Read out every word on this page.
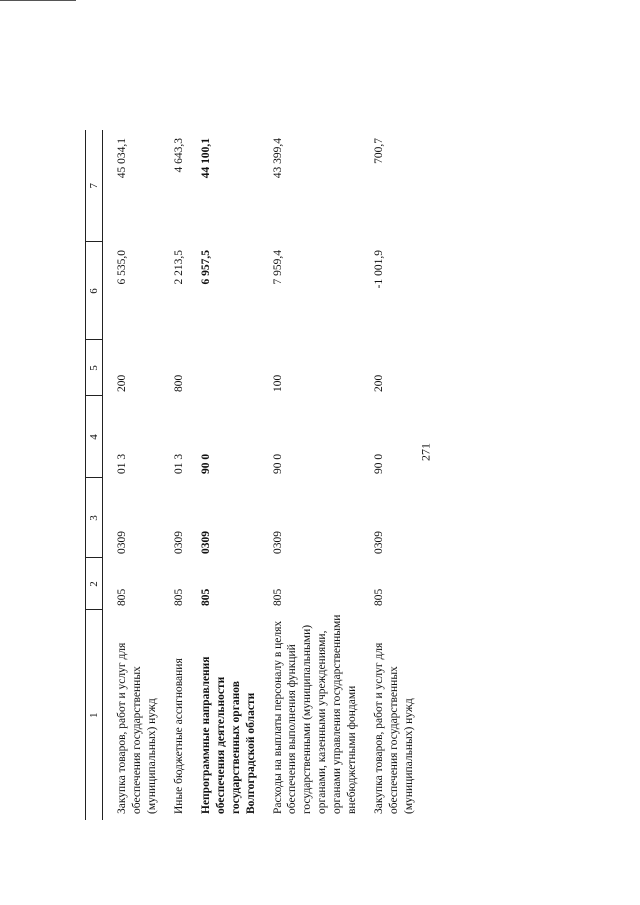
271
1	2	3	4	5	6	7

Закупка товаров, работ и услуг для обеспечения государственных (муниципальных) нужд	805	0309	01 3	200	6 535,0	45 034,1

Иные бюджетные ассигнования	805	0309	01 3	800	2 213,5	4 643,3

Непрограммные направления обеспечения деятельности государственных органов Волгоградской области	805	0309	90 0		6 957,5	44 100,1

Расходы на выплаты персоналу в целях обеспечения выполнения функций государственными (муниципальными) органами, казенными учреждениями, органами управления государственными внебюджетными фондами	805	0309	90 0	100	7 959,4	43 399,4

Закупка товаров, работ и услуг для обеспечения государственных (муниципальных) нужд	805	0309	90 0	200	-1 001,9	700,7
